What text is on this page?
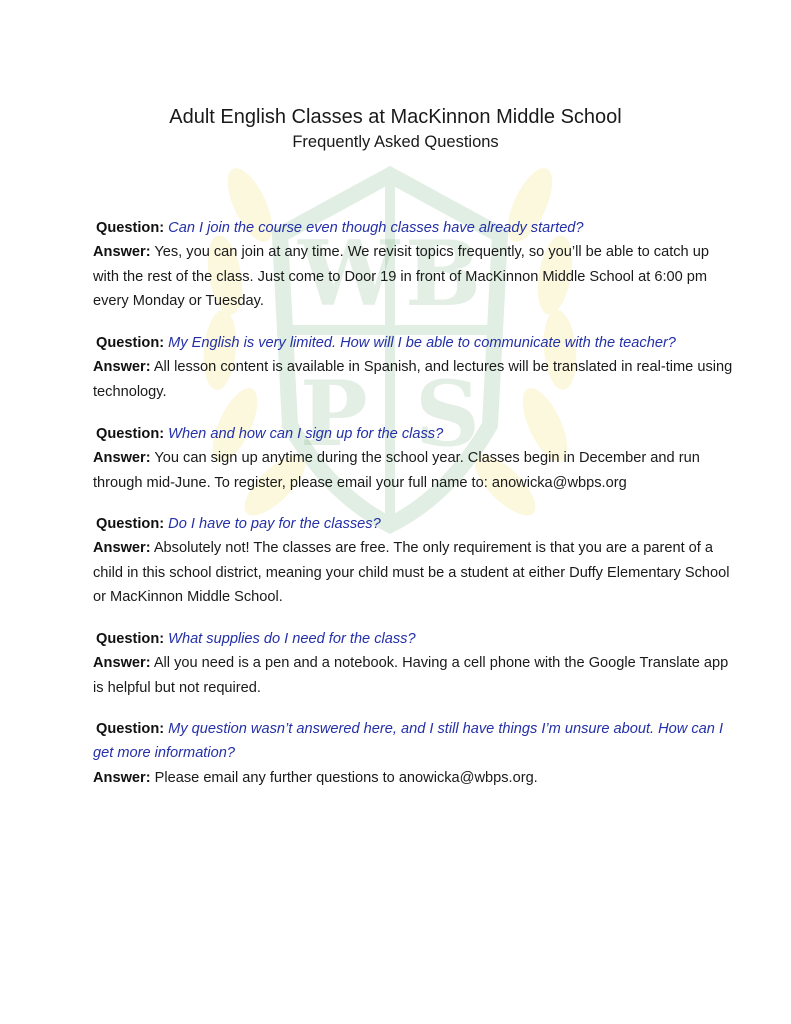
W B
P S
Adult English Classes at MacKinnon Middle School
Frequently Asked Questions
Question: Can I join the course even though classes have already started?
Answer: Yes, you can join at any time. We revisit topics frequently, so you’ll be able to catch up with the rest of the class. Just come to Door 19 in front of MacKinnon Middle School at 6:00 pm every Monday or Tuesday.
Question: My English is very limited. How will I be able to communicate with the teacher?
Answer: All lesson content is available in Spanish, and lectures will be translated in real-time using technology.
Question: When and how can I sign up for the class?
Answer: You can sign up anytime during the school year. Classes begin in December and run through mid-June. To register, please email your full name to: anowicka@wbps.org
Question: Do I have to pay for the classes?
Answer: Absolutely not! The classes are free. The only requirement is that you are a parent of a child in this school district, meaning your child must be a student at either Duffy Elementary School or MacKinnon Middle School.
Question: What supplies do I need for the class?
Answer: All you need is a pen and a notebook. Having a cell phone with the Google Translate app is helpful but not required.
Question: My question wasn’t answered here, and I still have things I’m unsure about. How can I get more information?
Answer: Please email any further questions to anowicka@wbps.org.
